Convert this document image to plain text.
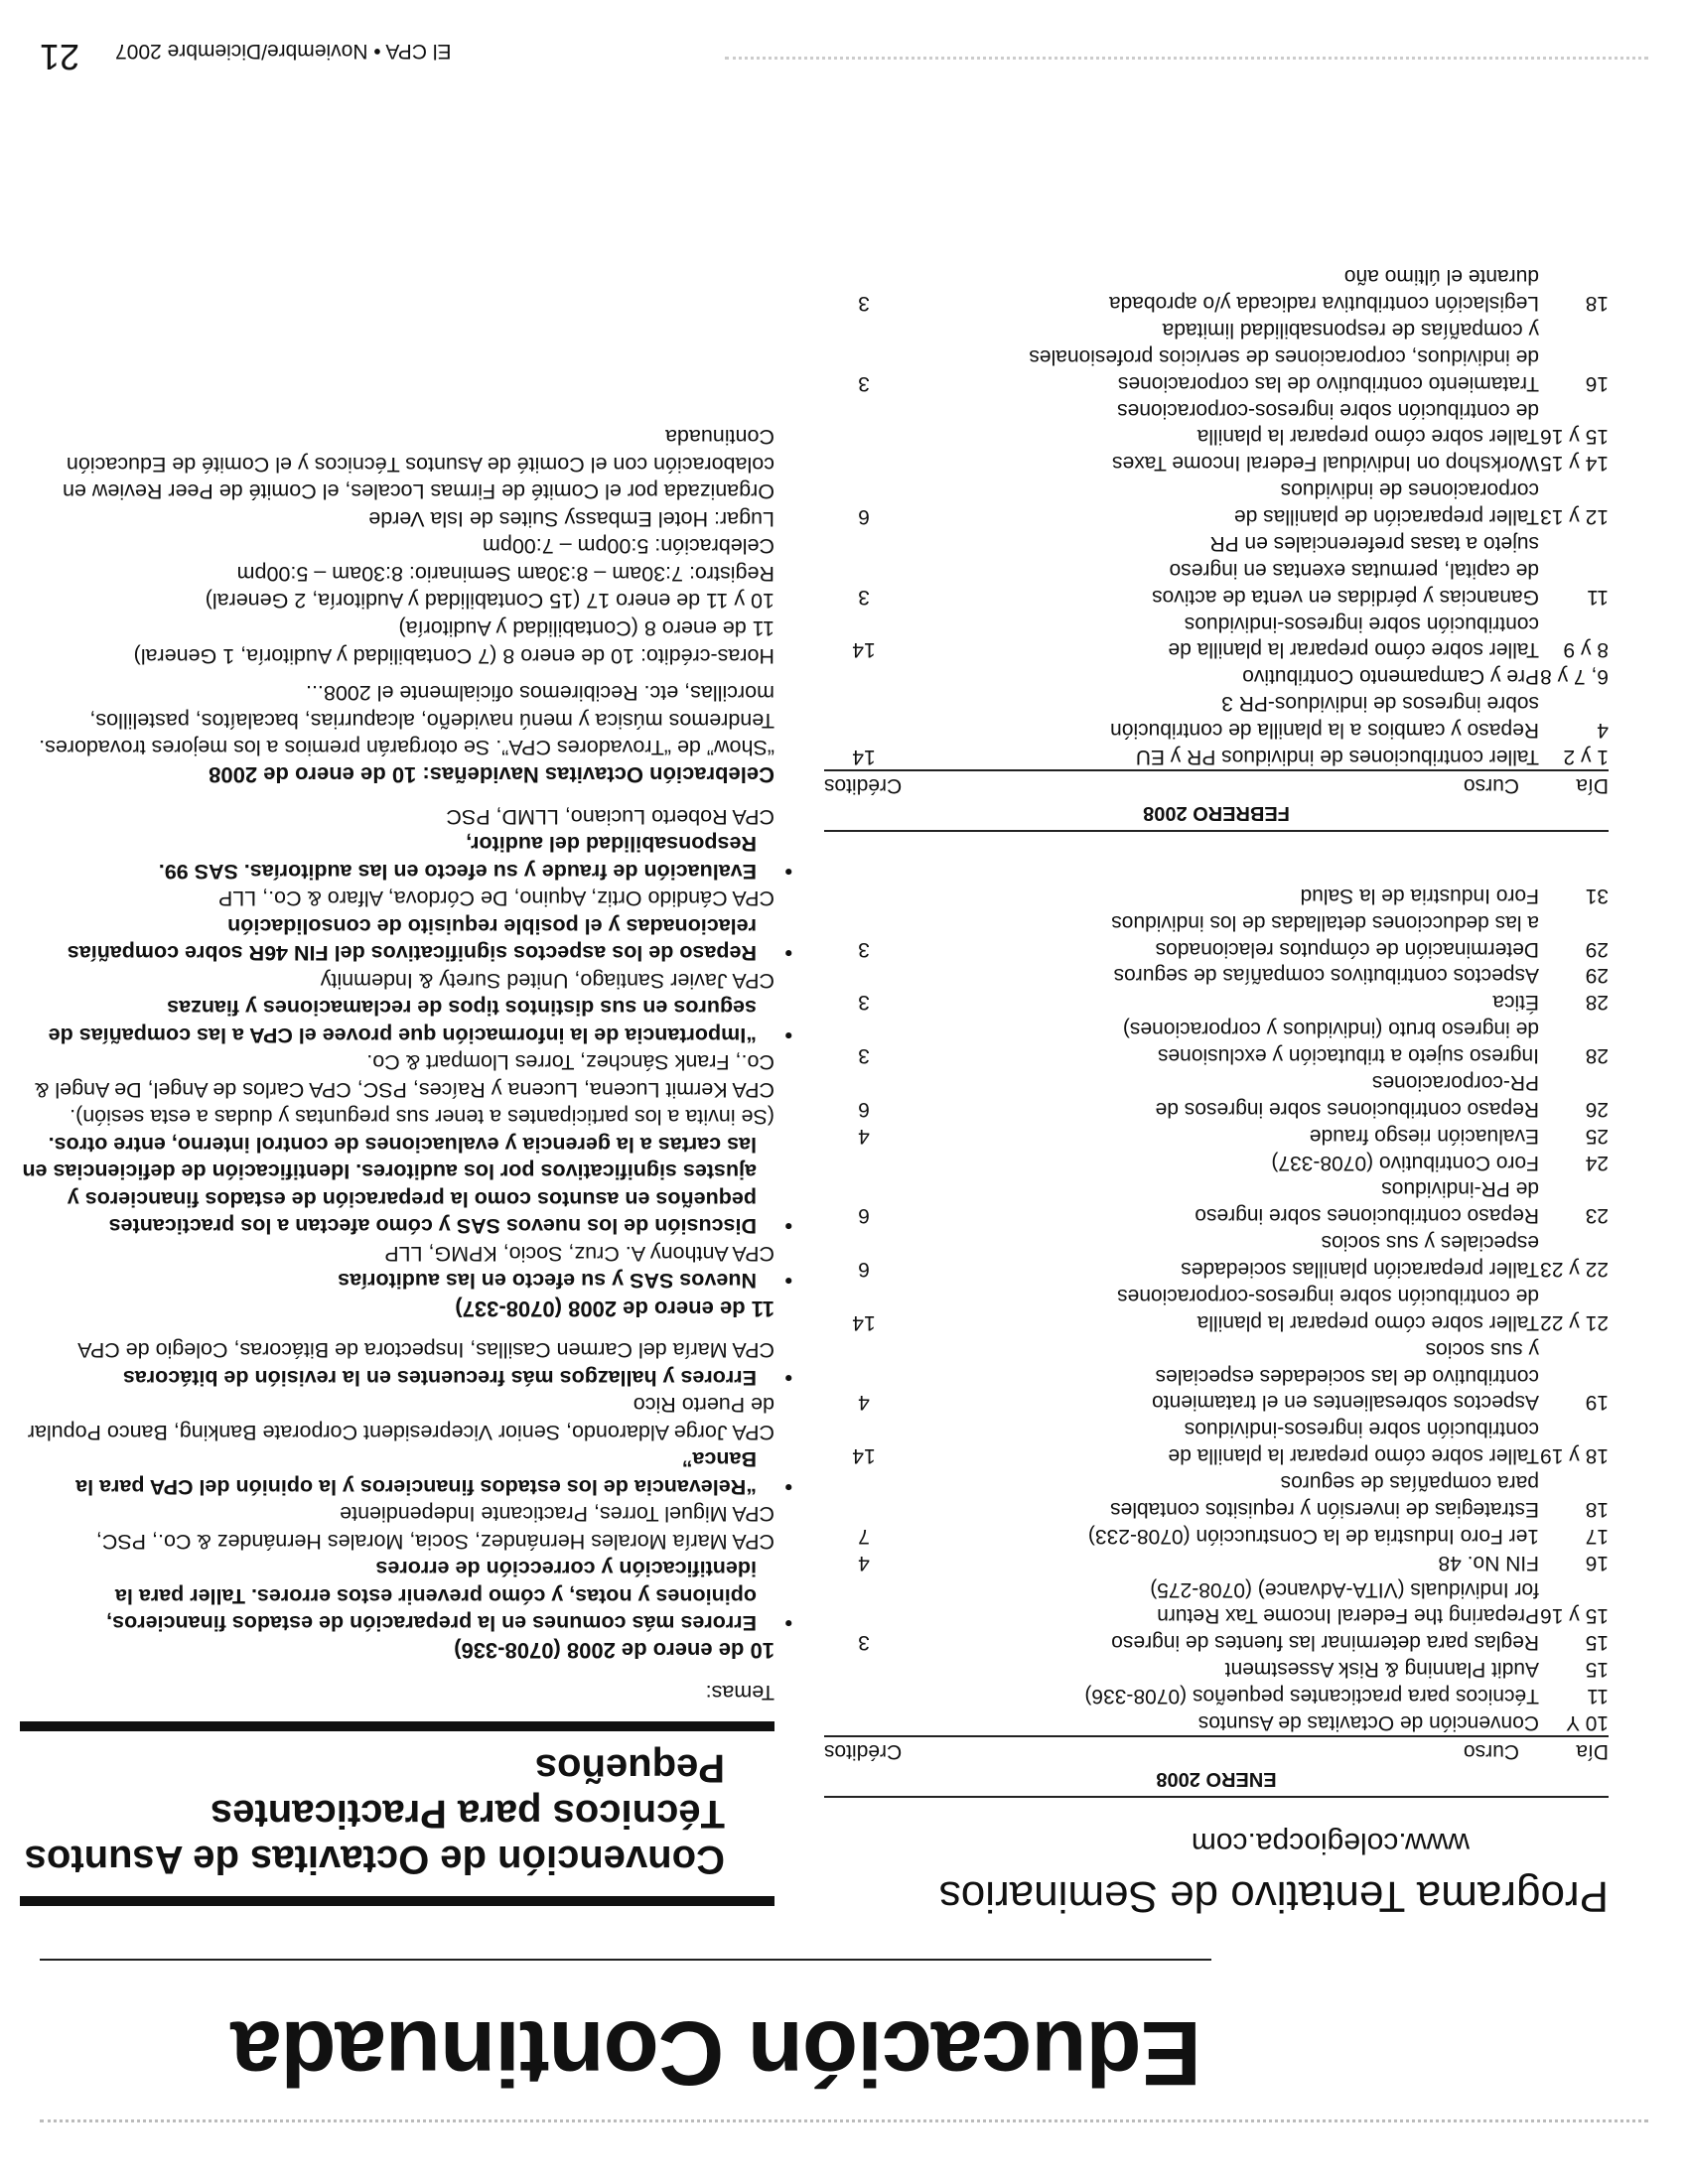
Educación Continuada
Programa Tentativo de Seminarios
www.colegiocpa.com
ENERO 2008
Día
Curso
Créditos
10 Y 11
Convención de Octavitas de Asuntos
Técnicos para practicantes pequeños (0708-336)
15
Audit Planning & Risk Assestment
15
Reglas para determinar las fuentes de ingreso
3
15 y 16
Preparing the Federal Income Tax Return
for Individuals (VITA-Advance) (0708-275)
16
FIN No. 48
4
17
1er Foro Industria de la Construcción (0708-233)
7
18
Estrategias de inversión y requisitos contables
para compañías de seguros
18 y 19
Taller sobre cómo preparar la planilla de
contribución sobre ingresos-individuos
14
19
Aspectos sobresalientes en el tratamiento
contributivo de las sociedades especiales
y sus socios
4
21 y 22
Taller sobre cómo preparar la planilla
de contribución sobre ingresos-corporaciones
14
22 y 23
Taller preparación planillas sociedades
especiales y sus socios
6
23
Repaso contribuciones sobre ingreso
de PR-individuos
6
24
Foro Contributivo (0708-337)
25
Evaluación riesgo fraude
4
26
Repaso contribuciones sobre ingresos de
PR-corporaciones
6
28
Ingreso sujeto a tributación y exclusiones
de ingreso bruto (individuos y corporaciones)
3
28
Ética
3
29
Aspectos contributivos compañías de seguros
29
Determinación de cómputos relacionados
a las deducciones detalladas de los individuos
3
31
Foro Industria de la Salud
FEBRERO 2008
Día
Curso
Créditos
1 y 2
Taller contribuciones de individuos PR y EU
14
4
Repaso y cambios a la planilla de contribución
sobre ingresos de individuos-PR 3
6, 7 y 8
Pre y Campamento Contributivo
8 y 9
Taller sobre cómo preparar la planilla de
contribución sobre ingresos-individuos
14
11
Ganancias y pérdidas en venta de activos
de capital, permutas exentas en ingreso
sujeto a tasas preferenciales en PR
3
12 y 13
Taller preparación de planillas de
corporaciones de individuos
6
14 y 15
Workshop on Individual Federal Income Taxes
15 y 16
Taller sobre cómo preparar la planilla
de contribución sobre ingresos-corporaciones
16
Tratamiento contributivo de las corporaciones
de individuos, corporaciones de servicios profesionales
y compañías de responsabilidad limitada
3
18
Legislación contributiva radicada y/o aprobada
durante el último año
3
Convención de Octavitas de Asuntos Técnicos para Practicantes Pequeños

Temas:

10 de enero de 2008 (0708-336)

•Errores más comunes en la preparación de estados financieros, opiniones y notas, y cómo prevenir estos errores. Taller para la identificación y corrección de errores

CPA María Morales Hernández, Socia, Morales Hernández & Co., PSC,
CPA Miguel Torres, Practicante Independiente

•“Relevancia de los estados financieros y la opinión del CPA para la Banca”

CPA Jorge Aldarondo, Senior Vicepresident Corporate Banking, Banco Popular de Puerto Rico

•Errores y hallazgos más frecuentes en la revisión de bitácoras

CPA María del Carmen Casillas, Inspectora de Bitácoras, Colegio de CPA

11 de enero de 2008 (0708-337)

•Nuevos SAS y su efecto en las auditorías

CPA Anthony A. Cruz, Socio, KPMG, LLP

•Discusión de los nuevos SAS y cómo afectan a los practicantes pequeños en asuntos como la preparación de estados financieros y ajustes significativos por los auditores. Identificación de deficiencias en las cartas a la gerencia y evaluaciones de control interno, entre otros.

(Se invita a los participantes a tener sus preguntas y dudas a esta sesión).
CPA Kermit Lucena, Lucena y Raíces, PSC, CPA Carlos de Angel, De Angel & Co., Frank Sánchez, Torres Llompart & Co.

•“Importancia de la información que provee el CPA a las compañías de seguros en sus distintos tipos de reclamaciones y fianzas

CPA Javier Santiago, United Surety & Indemnity

•Repaso de los aspectos significativos del FIN 46R sobre compañías relacionadas y el posible requisito de consolidación

CPA Cándido Ortiz, Aquino, De Córdova, Alfaro & Co., LLP

•Evaluación de fraude y su efecto en las auditorías. SAS 99. Responsabilidad del auditor,

CPA Roberto Luciano, LLMD, PSC

Celebración Octavitas Navideñas: 10 de enero de 2008

“Show” de “Trovadores CPA”. Se otorgarán premios a los mejores trovadores. Tendremos música y menú navideño, alcapurrias, bacalaítos, pastelillos, morcillas, etc. Recibiremos oficialmente el 2008...

Horas-crédito: 10 de enero 8 (7 Contabilidad y Auditoría, 1 General)
11 de enero 8 (Contabilidad y Auditoría)
10 y 11 de enero 17 (15 Contabilidad y Auditoría, 2 General)
Registro: 7:30am – 8:30am Seminario: 8:30am – 5:00pm
Celebración: 5:00pm – 7:00pm
Lugar: Hotel Embassy Suites de Isla Verde
Organizada por el Comité de Firmas Locales, el Comité de Peer Review en colaboración con el Comité de Asuntos Técnicos y el Comité de Educación Continuada

El CPA • Noviembre/Diciembre 2007
21
